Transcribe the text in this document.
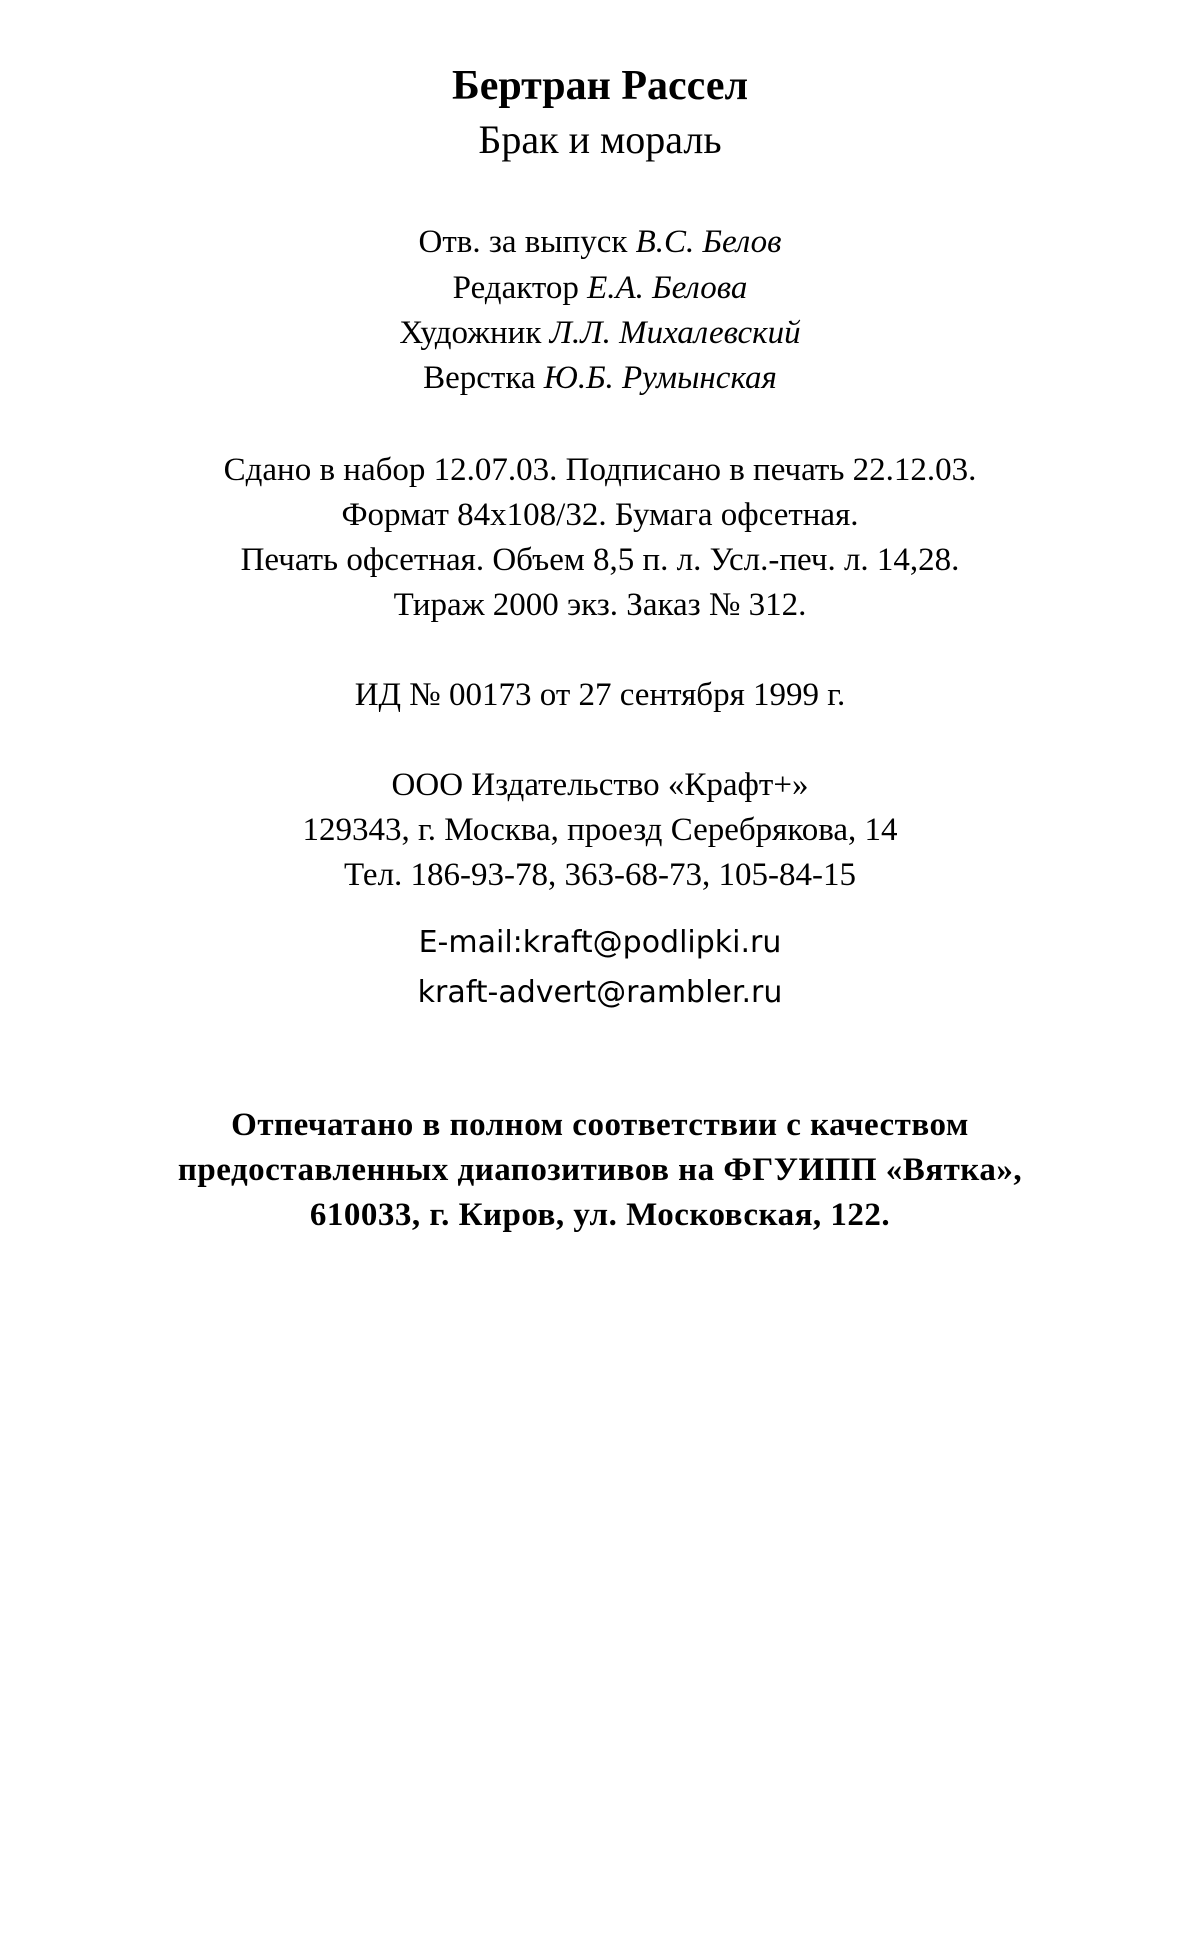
Бертран Рассел
Брак и мораль
Отв. за выпуск В.С. Белов
Редактор Е.А. Белова
Художник Л.Л. Михалевский
Верстка Ю.Б. Румынская
Сдано в набор 12.07.03. Подписано в печать 22.12.03.
Формат 84x108/32. Бумага офсетная.
Печать офсетная. Объем 8,5 п. л. Усл.-печ. л. 14,28.
Тираж 2000 экз. Заказ № 312.
ИД № 00173 от 27 сентября 1999 г.
ООО Издательство «Крафт+»
129343, г. Москва, проезд Серебрякова, 14
Тел. 186-93-78, 363-68-73, 105-84-15
E-mail:kraft@podlipki.ru
kraft-advert@rambler.ru
Отпечатано в полном соответствии с качеством
предоставленных диапозитивов на ФГУИПП «Вятка»,
610033, г. Киров, ул. Московская, 122.
